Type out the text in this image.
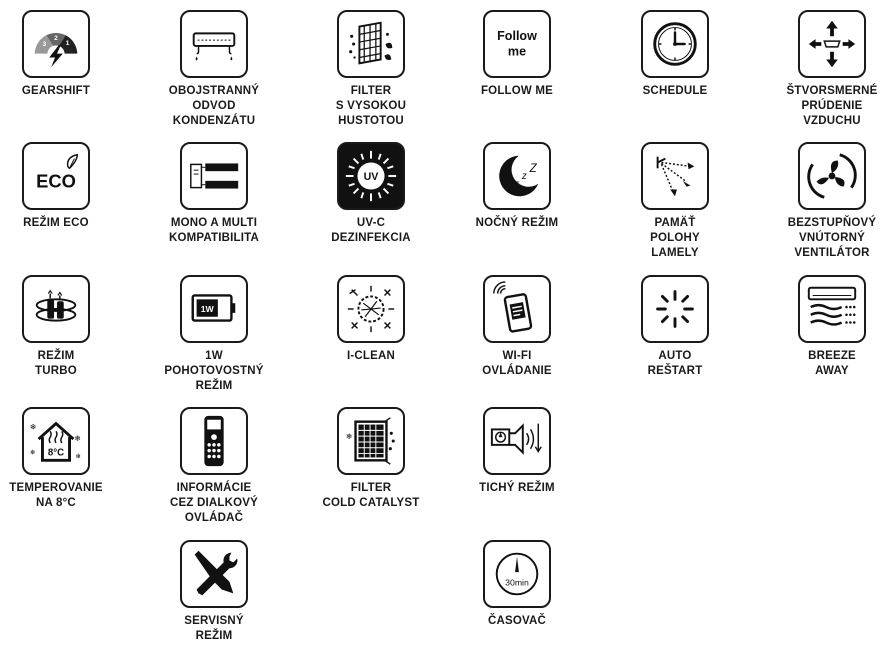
3
2
1
GEARSHIFT	OBOJSTRANNÝ
ODVOD
KONDENZÁTU
FILTER
S VYSOKOU
HUSTOTOU
Follow
me
FOLLOW ME	SCHEDULE	ŠTVORSMERNÉ
PRÚDENIE
VZDUCHU
ECO
REŽIM ECO	MONO A MULTI
KOMPATIBILITA
UV
UV-C
DEZINFEKCIA
z
z
Z
NOČNÝ REŽIM	PAMÄŤ
POLOHY
LAMELY
BEZSTUPŇOVÝ
VNÚTORNÝ
VENTILÁTOR
REŽIM
TURBO
1W
1W
POHOTOVOSTNÝ
REŽIM
I-CLEAN	WI-FI
OVLÁDANIE
AUTO
REŠTART
BREEZE
AWAY
8°C
❄
❄
❄	❄
TEMPEROVANIE
NA 8°C
INFORMÁCIE
CEZ DIALKOVÝ
OVLÁDAČ
❄
FILTER
COLD CATALYST
TICHÝ REŽIM
SERVISNÝ
REŽIM
30min
ČASOVAČ
